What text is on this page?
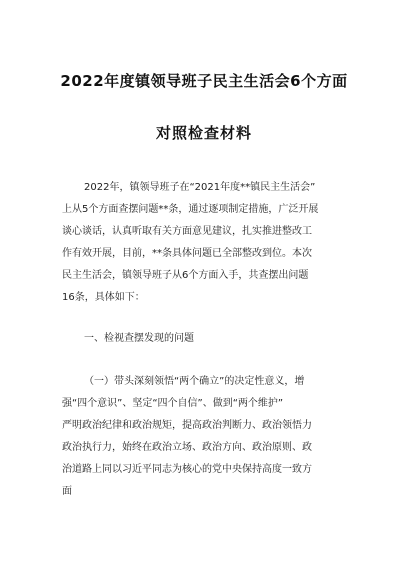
2022年度镇领导班子民主生活会6个方面
对照检查材料
2022年，镇领导班子在“2021年度**镇民主生活会”
上从5个方面查摆问题**条，通过逐项制定措施，广泛开展
谈心谈话，认真听取有关方面意见建议，扎实推进整改工
作有效开展，目前，**条具体问题已全部整改到位。本次
民主生活会，镇领导班子从6个方面入手，共查摆出问题
16条，具体如下：
一、检视查摆发现的问题
（一）带头深刻领悟“两个确立”的决定性意义，增
强“四个意识”、坚定“四个自信”、做到“两个维护”
严明政治纪律和政治规矩，提高政治判断力、政治领悟力
政治执行力，始终在政治立场、政治方向、政治原则、政
治道路上同以习近平同志为核心的党中央保持高度一致方
面
